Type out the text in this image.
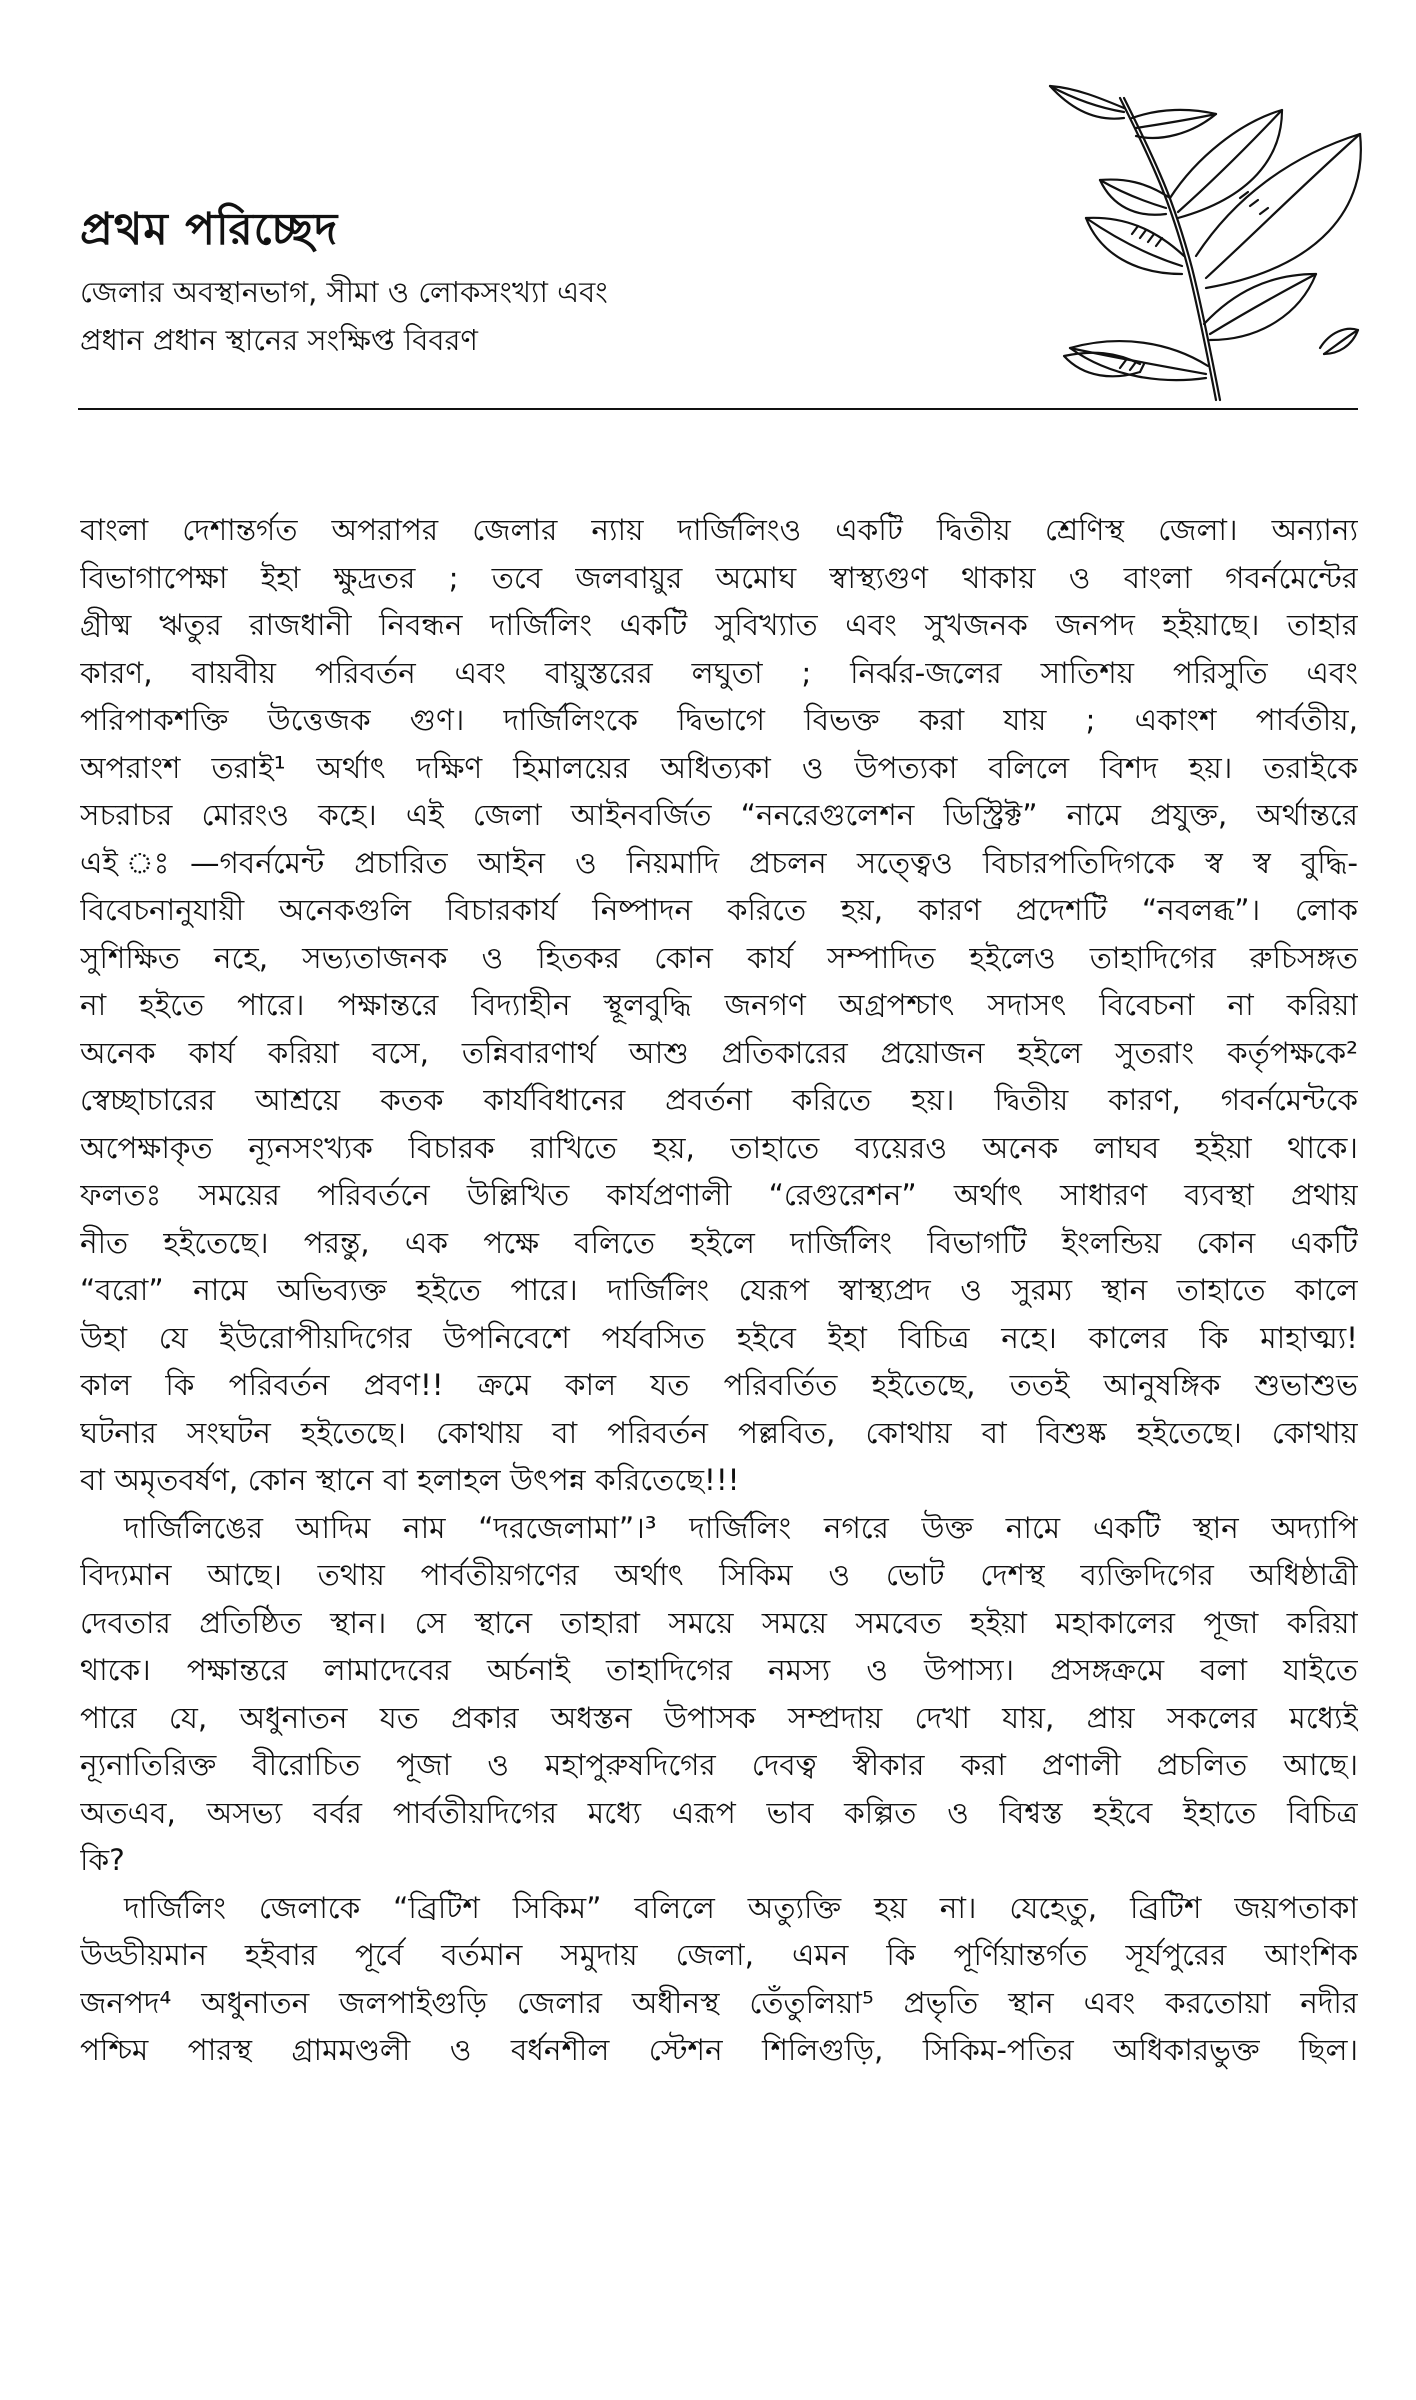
প্রথম পরিচ্ছেদ
জেলার অবস্থানভাগ, সীমা ও লোকসংখ্যা এবং
প্রধান প্রধান স্থানের সংক্ষিপ্ত বিবরণ
বাংলা দেশান্তর্গত অপরাপর জেলার ন্যায় দার্জিলিংও একটি দ্বিতীয় শ্রেণিস্থ জেলা। অন্যান্য
বিভাগাপেক্ষা ইহা ক্ষুদ্রতর ; তবে জলবায়ুর অমোঘ স্বাস্থ্যগুণ থাকায় ও বাংলা গবর্নমেন্টের
গ্রীষ্ম ঋতুর রাজধানী নিবন্ধন দার্জিলিং একটি সুবিখ্যাত এবং সুখজনক জনপদ হইয়াছে। তাহার
কারণ, বায়বীয় পরিবর্তন এবং বায়ুস্তরের লঘুতা ; নির্ঝর-জলের সাতিশয় পরিসুতি এবং
পরিপাকশক্তি উত্তেজক গুণ। দার্জিলিংকে দ্বিভাগে বিভক্ত করা যায় ; একাংশ পার্বতীয়,
অপরাংশ তরাই¹ অর্থাৎ দক্ষিণ হিমালয়ের অধিত্যকা ও উপত্যকা বলিলে বিশদ হয়। তরাইকে
সচরাচর মোরংও কহে। এই জেলা আইনবর্জিত “ননরেগুলেশন ডিস্ট্রিক্ট” নামে প্রযুক্ত, অর্থান্তরে
এই ঃ—গবর্নমেন্ট প্রচারিত আইন ও নিয়মাদি প্রচলন সত্ত্বেও বিচারপতিদিগকে স্ব স্ব বুদ্ধি-
বিবেচনানুযায়ী অনেকগুলি বিচারকার্য নিষ্পাদন করিতে হয়, কারণ প্রদেশটি “নবলব্ধ”। লোক
সুশিক্ষিত নহে, সভ্যতাজনক ও হিতকর কোন কার্য সম্পাদিত হইলেও তাহাদিগের রুচিসঙ্গত
না হইতে পারে। পক্ষান্তরে বিদ্যাহীন স্থূলবুদ্ধি জনগণ অগ্রপশ্চাৎ সদাসৎ বিবেচনা না করিয়া
অনেক কার্য করিয়া বসে, তন্নিবারণার্থ আশু প্রতিকারের প্রয়োজন হইলে সুতরাং কর্তৃপক্ষকে²
স্বেচ্ছাচারের আশ্রয়ে কতক কার্যবিধানের প্রবর্তনা করিতে হয়। দ্বিতীয় কারণ, গবর্নমেন্টকে
অপেক্ষাকৃত ন্যূনসংখ্যক বিচারক রাখিতে হয়, তাহাতে ব্যয়েরও অনেক লাঘব হইয়া থাকে।
ফলতঃ সময়ের পরিবর্তনে উল্লিখিত কার্যপ্রণালী “রেগুরেশন” অর্থাৎ সাধারণ ব্যবস্থা প্রথায়
নীত হইতেছে। পরন্তু, এক পক্ষে বলিতে হইলে দার্জিলিং বিভাগটি ইংলন্ডিয় কোন একটি
“বরো” নামে অভিব্যক্ত হইতে পারে। দার্জিলিং যেরূপ স্বাস্থ্যপ্রদ ও সুরম্য স্থান তাহাতে কালে
উহা যে ইউরোপীয়দিগের উপনিবেশে পর্যবসিত হইবে ইহা বিচিত্র নহে। কালের কি মাহাত্ম্য!
কাল কি পরিবর্তন প্রবণ!! ক্রমে কাল যত পরিবর্তিত হইতেছে, ততই আনুষঙ্গিক শুভাশুভ
ঘটনার সংঘটন হইতেছে। কোথায় বা পরিবর্তন পল্লবিত, কোথায় বা বিশুষ্ক হইতেছে। কোথায়
বা অমৃতবর্ষণ, কোন স্থানে বা হলাহল উৎপন্ন করিতেছে!!!
দার্জিলিঙের আদিম নাম “দরজেলামা”।³ দার্জিলিং নগরে উক্ত নামে একটি স্থান অদ্যাপি
বিদ্যমান আছে। তথায় পার্বতীয়গণের অর্থাৎ সিকিম ও ভোট দেশস্থ ব্যক্তিদিগের অধিষ্ঠাত্রী
দেবতার প্রতিষ্ঠিত স্থান। সে স্থানে তাহারা সময়ে সময়ে সমবেত হইয়া মহাকালের পূজা করিয়া
থাকে। পক্ষান্তরে লামাদেবের অর্চনাই তাহাদিগের নমস্য ও উপাস্য। প্রসঙ্গক্রমে বলা যাইতে
পারে যে, অধুনাতন যত প্রকার অধস্তন উপাসক সম্প্রদায় দেখা যায়, প্রায় সকলের মধ্যেই
ন্যূনাতিরিক্ত বীরোচিত পূজা ও মহাপুরুষদিগের দেবত্ব স্বীকার করা প্রণালী প্রচলিত আছে।
অতএব, অসভ্য বর্বর পার্বতীয়দিগের মধ্যে এরূপ ভাব কল্পিত ও বিশ্বস্ত হইবে ইহাতে বিচিত্র
কি?
দার্জিলিং জেলাকে “ব্রিটিশ সিকিম” বলিলে অত্যুক্তি হয় না। যেহেতু, ব্রিটিশ জয়পতাকা
উড্ডীয়মান হইবার পূর্বে বর্তমান সমুদায় জেলা, এমন কি পূর্ণিয়ান্তর্গত সূর্যপুরের আংশিক
জনপদ⁴ অধুনাতন জলপাইগুড়ি জেলার অধীনস্থ তেঁতুলিয়া⁵ প্রভৃতি স্থান এবং করতোয়া নদীর
পশ্চিম পারস্থ গ্রামমণ্ডলী ও বর্ধনশীল স্টেশন শিলিগুড়ি, সিকিম-পতির অধিকারভুক্ত ছিল।
